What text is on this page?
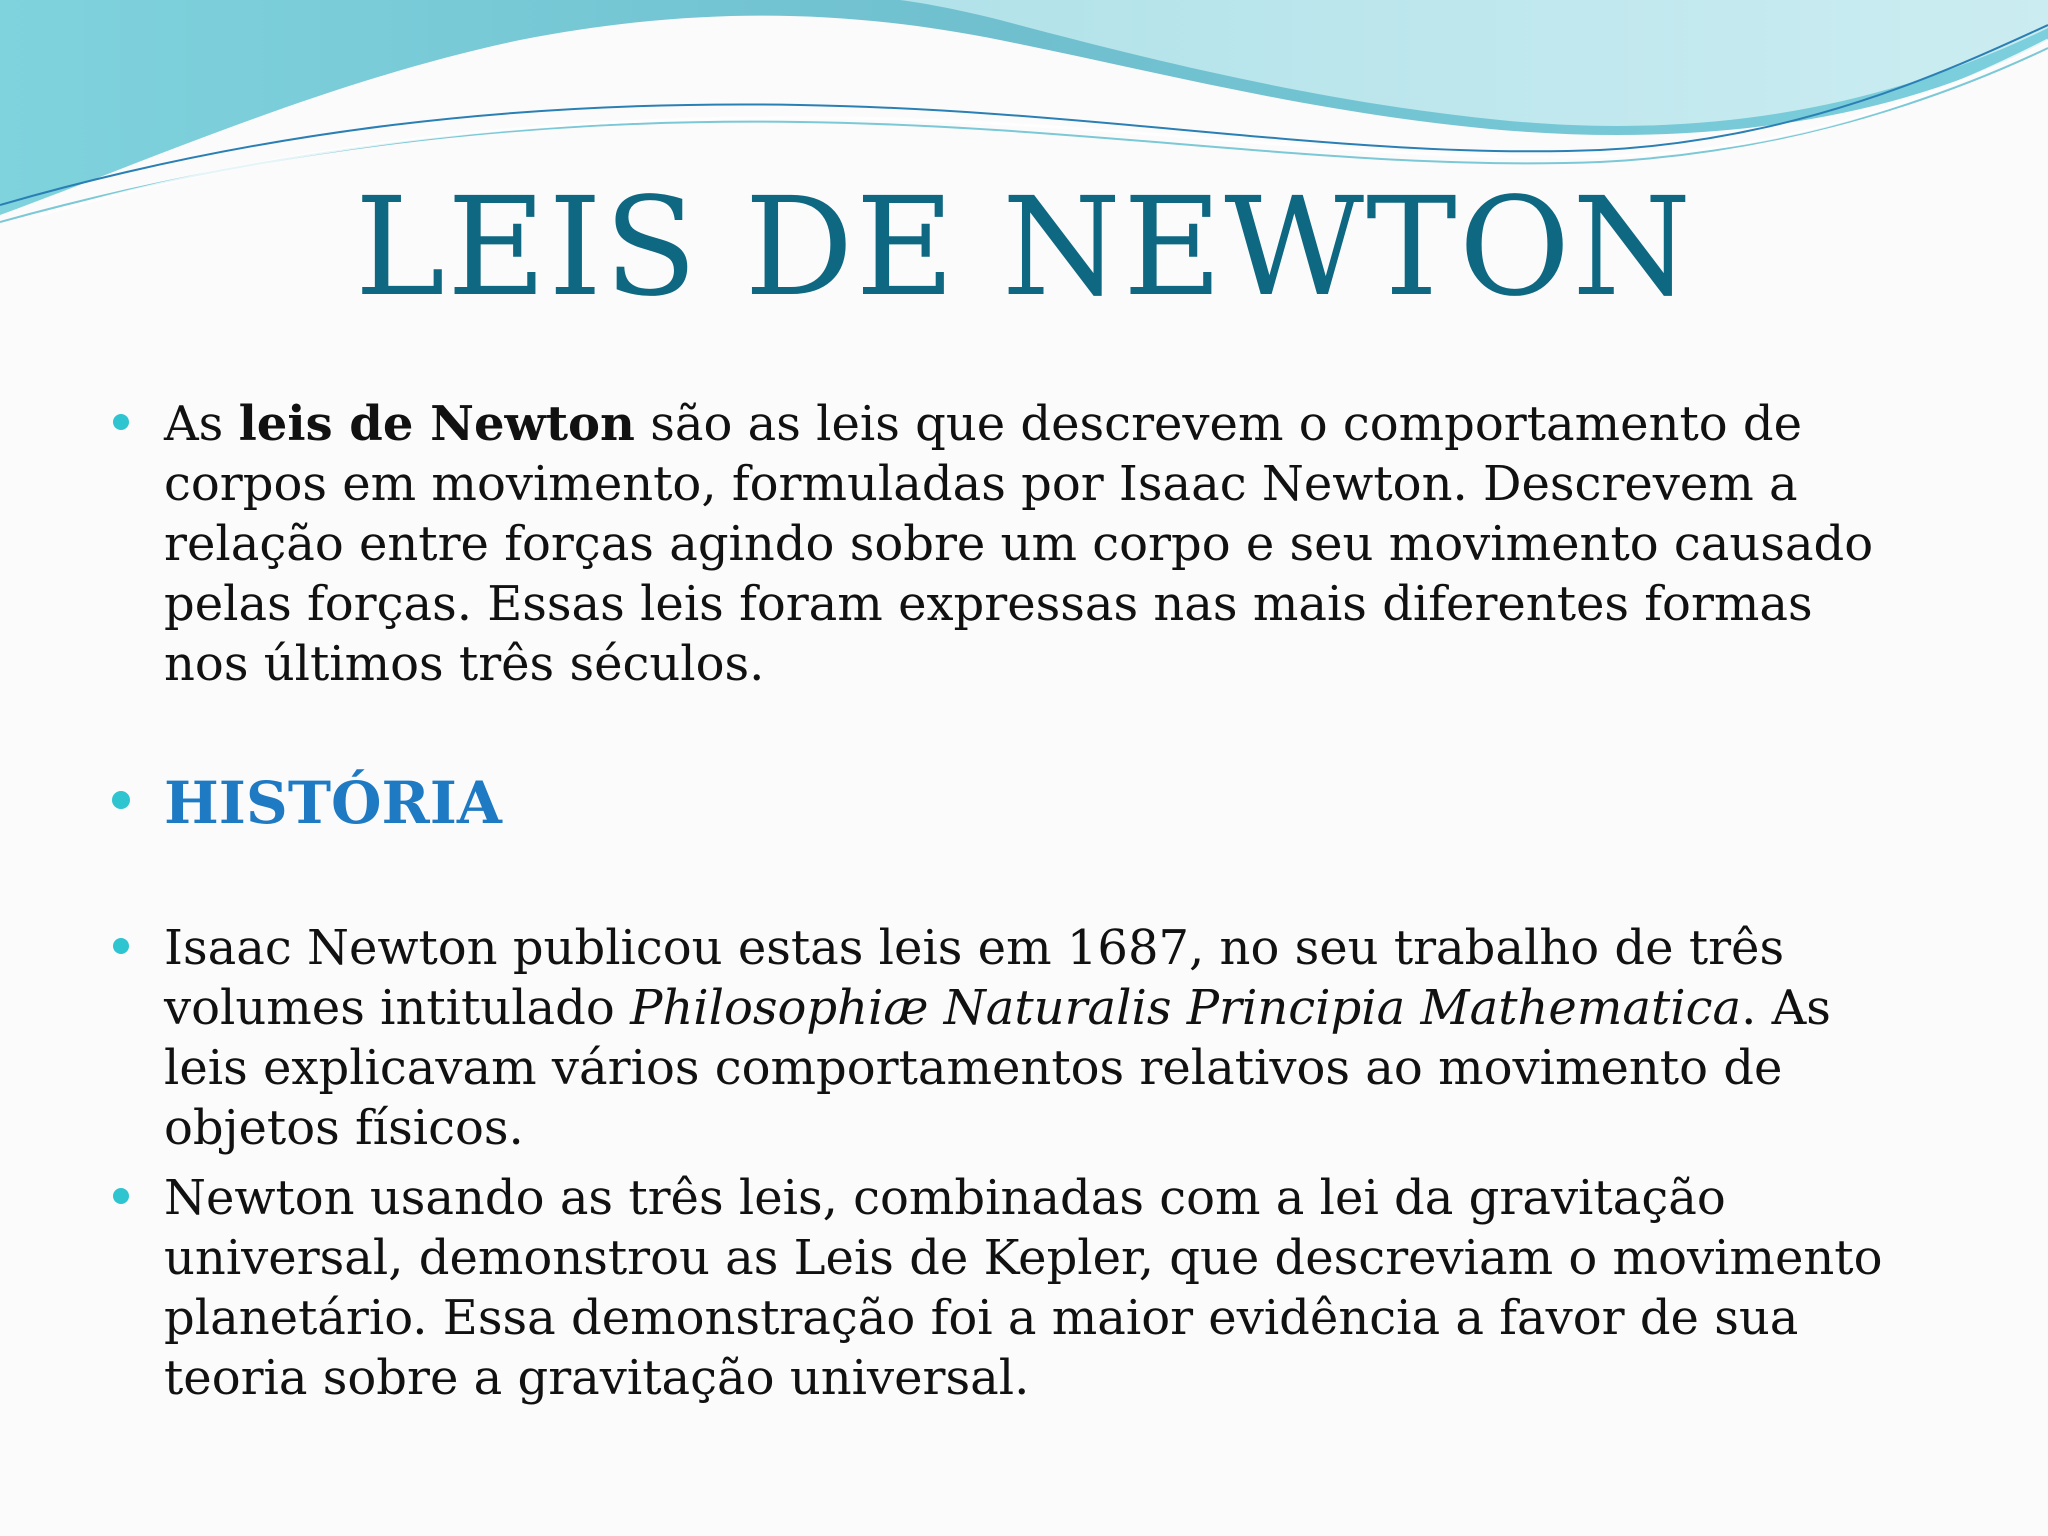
LEIS DE NEWTON
As leis de Newton são as leis que descrevem o comportamento de corpos em movimento, formuladas por Isaac Newton. Descrevem a relação entre forças agindo sobre um corpo e seu movimento causado pelas forças. Essas leis foram expressas nas mais diferentes formas nos últimos três séculos.
HISTÓRIA
Isaac Newton publicou estas leis em 1687, no seu trabalho de três volumes intitulado Philosophiæ Naturalis Principia Mathematica. As leis explicavam vários comportamentos relativos ao movimento de objetos físicos.
Newton usando as três leis, combinadas com a lei da gravitação universal, demonstrou as Leis de Kepler, que descreviam o movimento planetário. Essa demonstração foi a maior evidência a favor de sua teoria sobre a gravitação universal.
